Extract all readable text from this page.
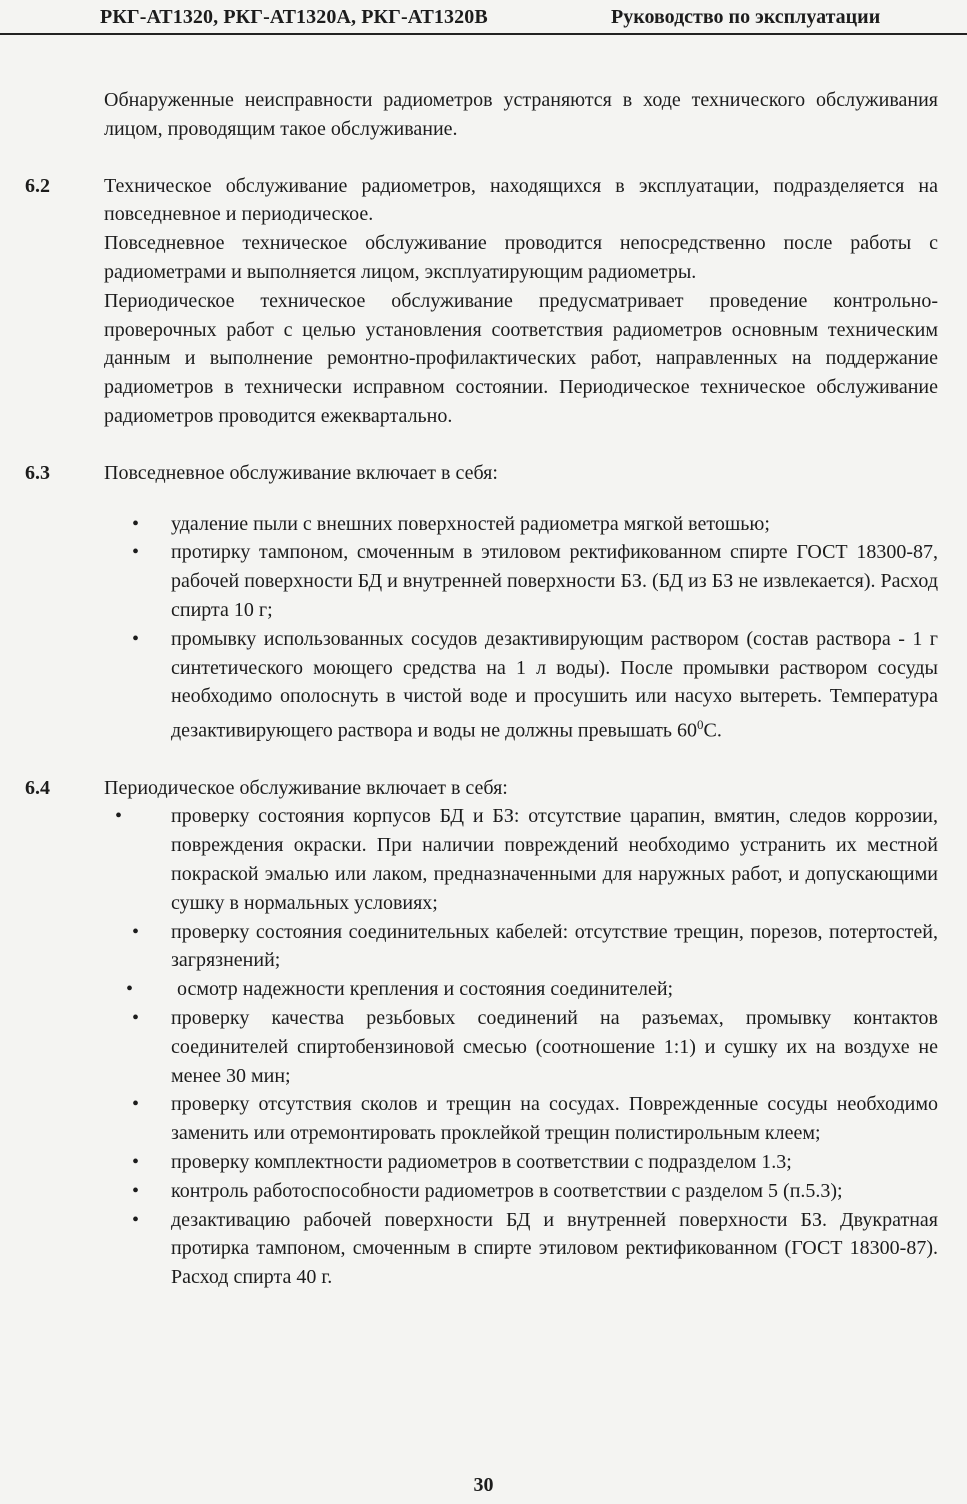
РКГ-АТ1320, РКГ-АТ1320А, РКГ-АТ1320В	Руководство по эксплуатации
Обнаруженные неисправности радиометров устраняются в ходе технического обслуживания лицом, проводящим такое обслуживание.
6.2	Техническое обслуживание радиометров, находящихся в эксплуатации, подразделяется на повседневное и периодическое.
Повседневное техническое обслуживание проводится непосредственно после работы с радиометрами и выполняется лицом, эксплуатирующим радиометры.
Периодическое техническое обслуживание предусматривает проведение контрольно-проверочных работ с целью установления соответствия радиометров основным техническим данным и выполнение ремонтно-профилактических работ, направленных на поддержание радиометров в технически исправном состоянии. Периодическое техническое обслуживание радиометров проводится ежеквартально.
6.3	Повседневное обслуживание включает в себя:
• удаление пыли с внешних поверхностей радиометра мягкой ветошью;
• протирку тампоном, смоченным в этиловом ректификованном спирте ГОСТ 18300-87, рабочей поверхности БД и внутренней поверхности БЗ. (БД из БЗ не извлекается). Расход спирта 10 г;
• промывку использованных сосудов дезактивирующим раствором (состав раствора - 1 г синтетического моющего средства на 1 л воды). После промывки раствором сосуды необходимо ополоснуть в чистой воде и просушить или насухо вытереть. Температура дезактивирующего раствора и воды не должны превышать $60^0С$.
6.4	Периодическое обслуживание включает в себя:
• проверку состояния корпусов БД и БЗ: отсутствие царапин, вмятин, следов коррозии, повреждения окраски. При наличии повреждений необходимо устранить их местной покраской эмалью или лаком, предназначенными для наружных работ, и допускающими сушку в нормальных условиях;
• проверку состояния соединительных кабелей: отсутствие трещин, порезов, потертостей, загрязнений;
• осмотр надежности крепления и состояния соединителей;
• проверку качества резьбовых соединений на разъемах, промывку контактов соединителей спиртобензиновой смесью (соотношение 1:1) и сушку их на воздухе не менее 30 мин;
• проверку отсутствия сколов и трещин на сосудах. Поврежденные сосуды необходимо заменить или отремонтировать проклейкой трещин полистирольным клеем;
• проверку комплектности радиометров в соответствии с подразделом 1.3;
• контроль работоспособности радиометров в соответствии с разделом 5 (п.5.3);
• дезактивацию рабочей поверхности БД и внутренней поверхности БЗ. Двукратная протирка тампоном, смоченным в спирте этиловом ректификованном (ГОСТ 18300-87). Расход спирта 40 г.
30
